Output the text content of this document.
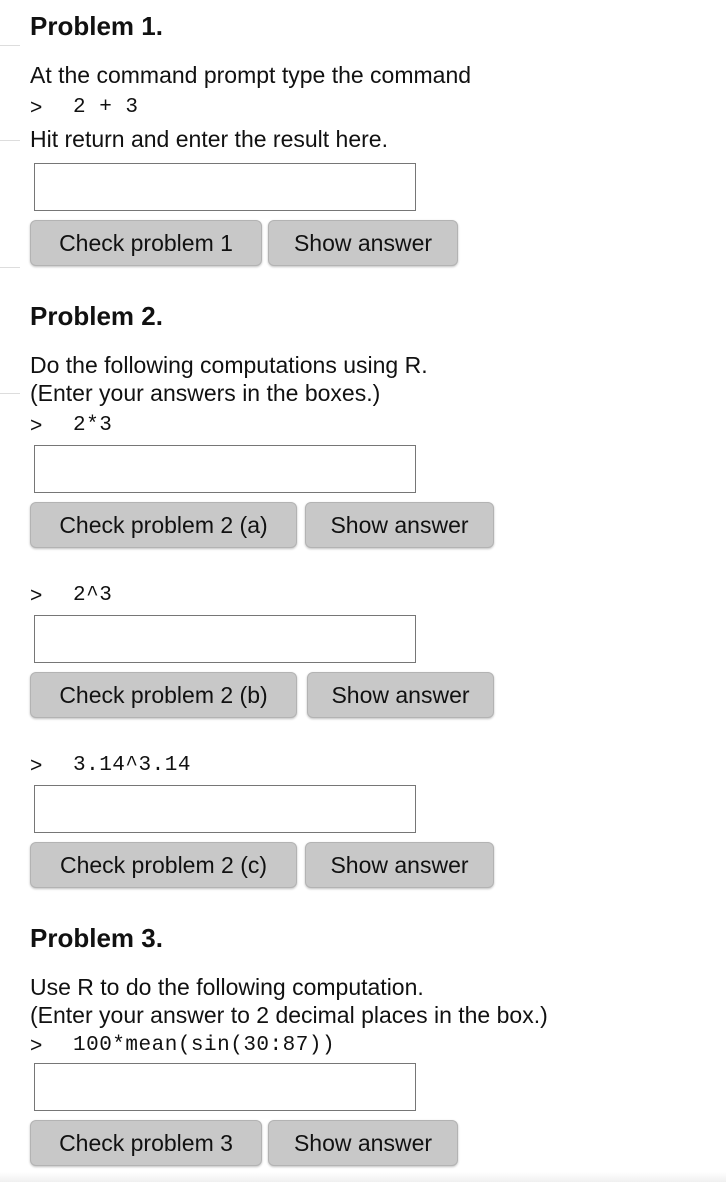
Problem 1.
At the command prompt type the command
> 2 + 3
Hit return and enter the result here.
Check problem 1	Show answer
Problem 2.
Do the following computations using R.
(Enter your answers in the boxes.)
> 2*3
Check problem 2 (a)	Show answer
> 2^3
Check problem 2 (b)	Show answer
> 3.14^3.14
Check problem 2 (c)	Show answer
Problem 3.
Use R to do the following computation.
(Enter your answer to 2 decimal places in the box.)
> 100*mean(sin(30:87))
Check problem 3	Show answer
